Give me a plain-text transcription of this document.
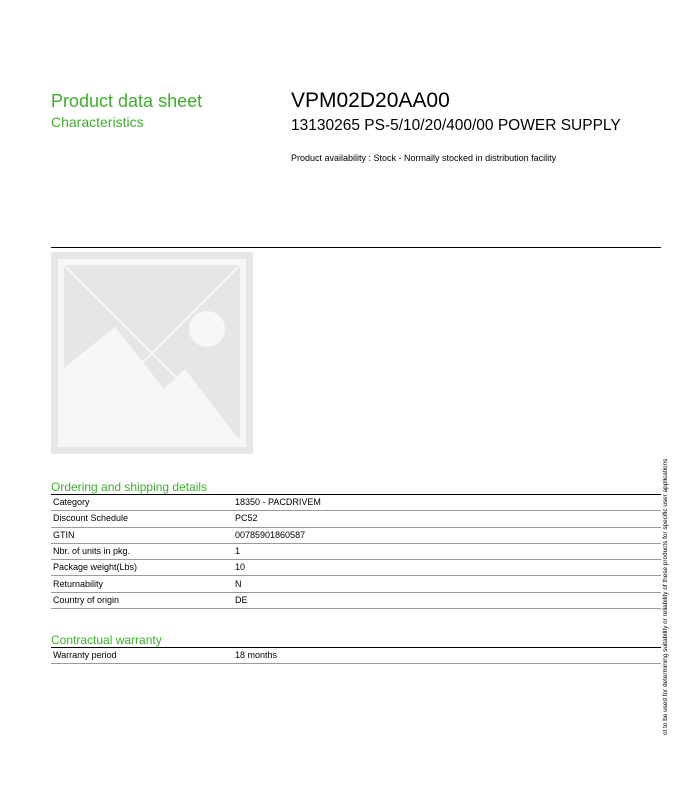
Product data sheet
Characteristics
VPM02D20AA00
13130265 PS-5/10/20/400/00 POWER SUPPLY
Product availability : Stock - Normally stocked in distribution facility
Ordering and shipping details
Category	18350 - PACDRIVEM
Discount Schedule	PC52
GTIN	00785901860587
Nbr. of units in pkg.	1
Package weight(Lbs)	10
Returnability	N
Country of origin	DE
Contractual warranty
Warranty period	18 months	ot to be used for determining suitability or reliability of these products for specific user applications
